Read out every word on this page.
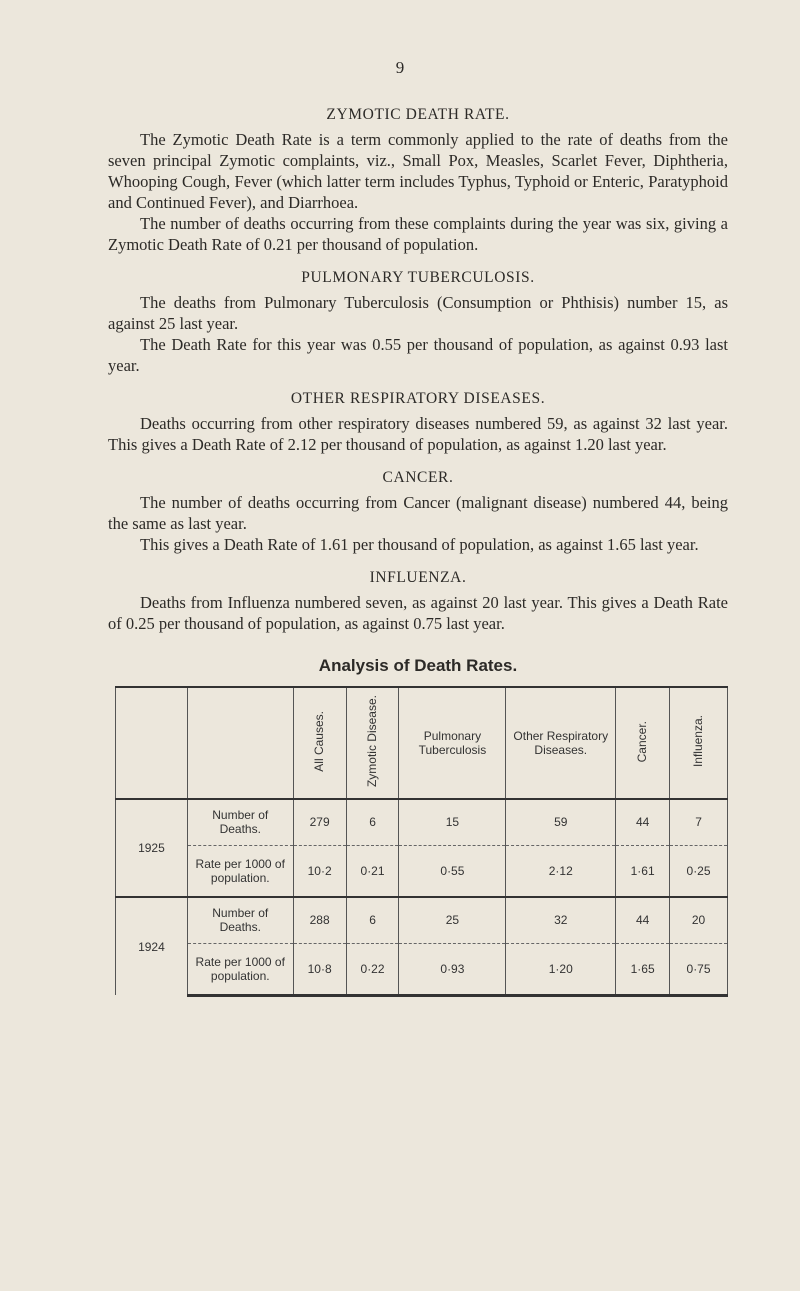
9
ZYMOTIC DEATH RATE.

The Zymotic Death Rate is a term commonly applied to the rate of deaths from the seven principal Zymotic complaints, viz., Small Pox, Measles, Scarlet Fever, Diphtheria, Whooping Cough, Fever (which latter term includes Typhus, Typhoid or Enteric, Paratyphoid and Continued Fever), and Diarrhoea.

The number of deaths occurring from these complaints during the year was six, giving a Zymotic Death Rate of 0.21 per thousand of population.

PULMONARY TUBERCULOSIS.

The deaths from Pulmonary Tuberculosis (Consumption or Phthisis) number 15, as against 25 last year.

The Death Rate for this year was 0.55 per thousand of population, as against 0.93 last year.

OTHER RESPIRATORY DISEASES.

Deaths occurring from other respiratory diseases numbered 59, as against 32 last year. This gives a Death Rate of 2.12 per thousand of population, as against 1.20 last year.

CANCER.

The number of deaths occurring from Cancer (malignant disease) numbered 44, being the same as last year.

This gives a Death Rate of 1.61 per thousand of population, as against 1.65 last year.

INFLUENZA.

Deaths from Influenza numbered seven, as against 20 last year. This gives a Death Rate of 0.25 per thousand of population, as against 0.75 last year.

Analysis of Death Rates.
		All Causes.	Zymotic Disease.	Pulmonary Tuberculosis	Other Respiratory Diseases.	Cancer.	Influenza.
1925	Number of Deaths.	279	6	15	59	44	7
	Rate per 1000 of population.	10·2	0·21	0·55	2·12	1·61	0·25
1924	Number of Deaths.	288	6	25	32	44	20
	Rate per 1000 of population.	10·8	0·22	0·93	1·20	1·65	0·75
